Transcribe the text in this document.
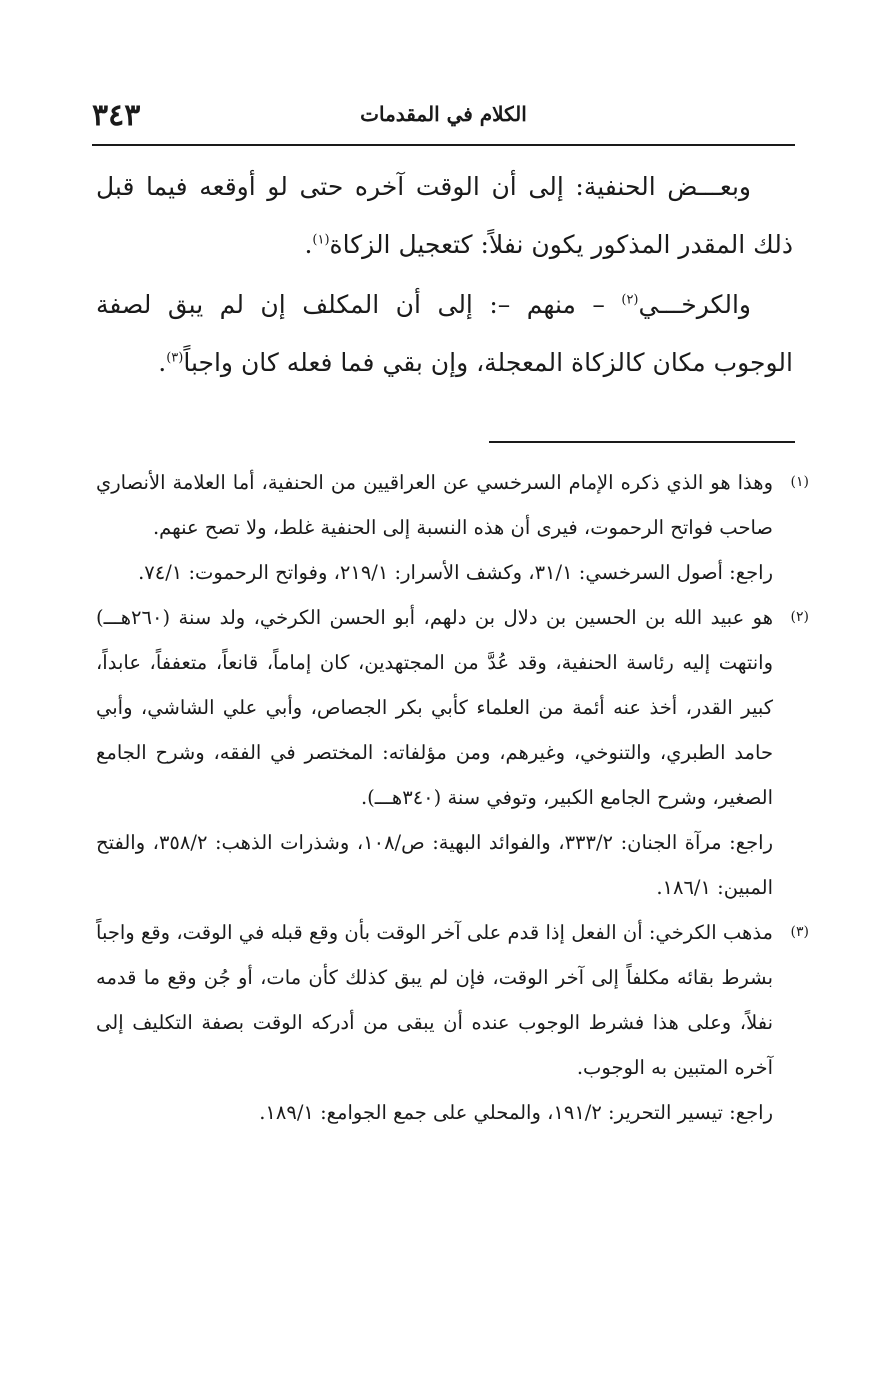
الكلام في المقدمات
٣٤٣

وبعـــض الحنفية: إلى أن الوقت آخره حتى لو أوقعه فيما قبل ذلك المقدر المذكور يكون نفلاً: كتعجيل الزكاة$^{(١)}$.

والكرخـــي$^{(٢)}$ – منهم –: إلى أن المكلف إن لم يبق لصفة الوجوب مكان كالزكاة المعجلة، وإن بقي فما فعله كان واجباً$^{(٣)}$.

(١)
وهذا هو الذي ذكره الإمام السرخسي عن العراقيين من الحنفية، أما العلامة الأنصاري صاحب فواتح الرحموت، فيرى أن هذه النسبة إلى الحنفية غلط، ولا تصح عنهم.
راجع: أصول السرخسي: ٣١/١، وكشف الأسرار: ٢١٩/١، وفواتح الرحموت: ٧٤/١.
(٢)
هو عبيد الله بن الحسين بن دلال بن دلهم، أبو الحسن الكرخي، ولد سنة (٢٦٠هـــ) وانتهت إليه رئاسة الحنفية، وقد عُدَّ من المجتهدين، كان إماماً، قانعاً، متعففاً، عابداً، كبير القدر، أخذ عنه أئمة من العلماء كأبي بكر الجصاص، وأبي علي الشاشي، وأبي حامد الطبري، والتنوخي، وغيرهم، ومن مؤلفاته: المختصر في الفقه، وشرح الجامع الصغير، وشرح الجامع الكبير، وتوفي سنة (٣٤٠هـــ).
راجع: مرآة الجنان: ٣٣٣/٢، والفوائد البهية: ص/١٠٨، وشذرات الذهب: ٣٥٨/٢، والفتح المبين: ١٨٦/١.
(٣)
مذهب الكرخي: أن الفعل إذا قدم على آخر الوقت بأن وقع قبله في الوقت، وقع واجباً بشرط بقائه مكلفاً إلى آخر الوقت، فإن لم يبق كذلك كأن مات، أو جُن وقع ما قدمه نفلاً، وعلى هذا فشرط الوجوب عنده أن يبقى من أدركه الوقت بصفة التكليف إلى آخره المتبين به الوجوب.
راجع: تيسير التحرير: ١٩١/٢، والمحلي على جمع الجوامع: ١٨٩/١.
